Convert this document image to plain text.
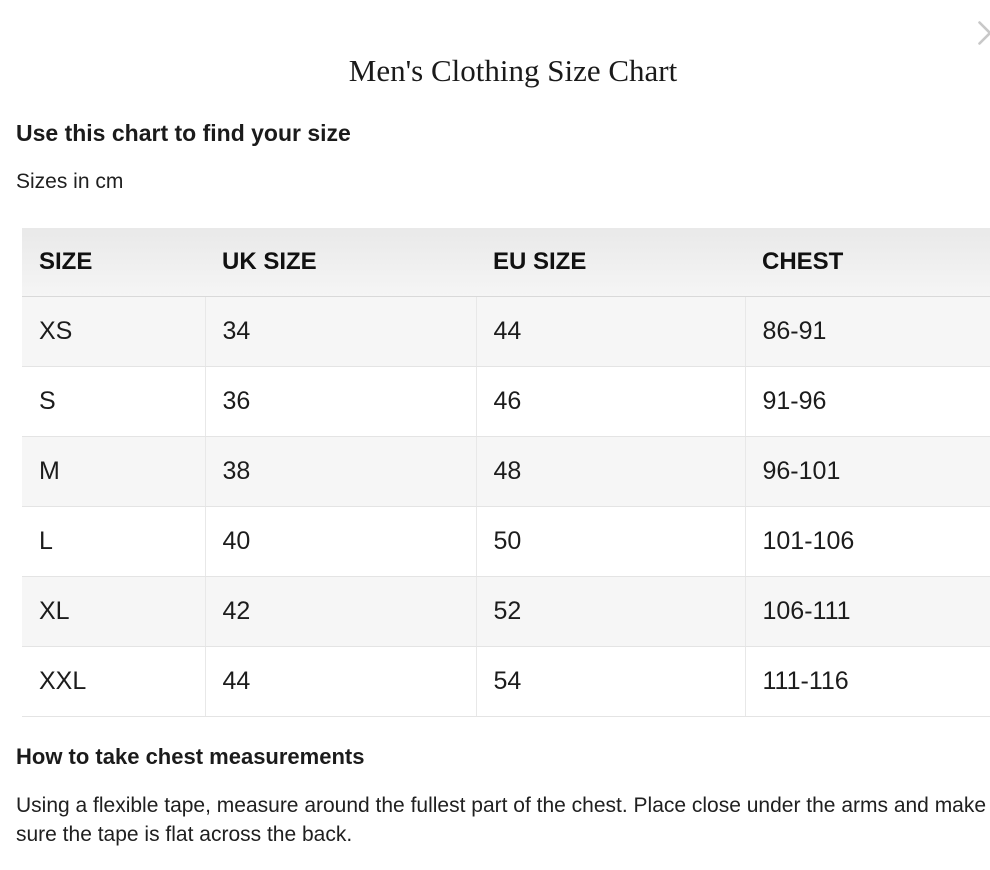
Men's Clothing Size Chart
Use this chart to find your size
Sizes in cm
SIZE	UK SIZE	EU SIZE	CHEST
XS	34	44	86-91
S	36	46	91-96
M	38	48	96-101
L	40	50	101-106
XL	42	52	106-111
XXL	44	54	111-116
How to take chest measurements
Using a flexible tape, measure around the fullest part of the chest. Place close under the arms and make sure the tape is flat across the back.
